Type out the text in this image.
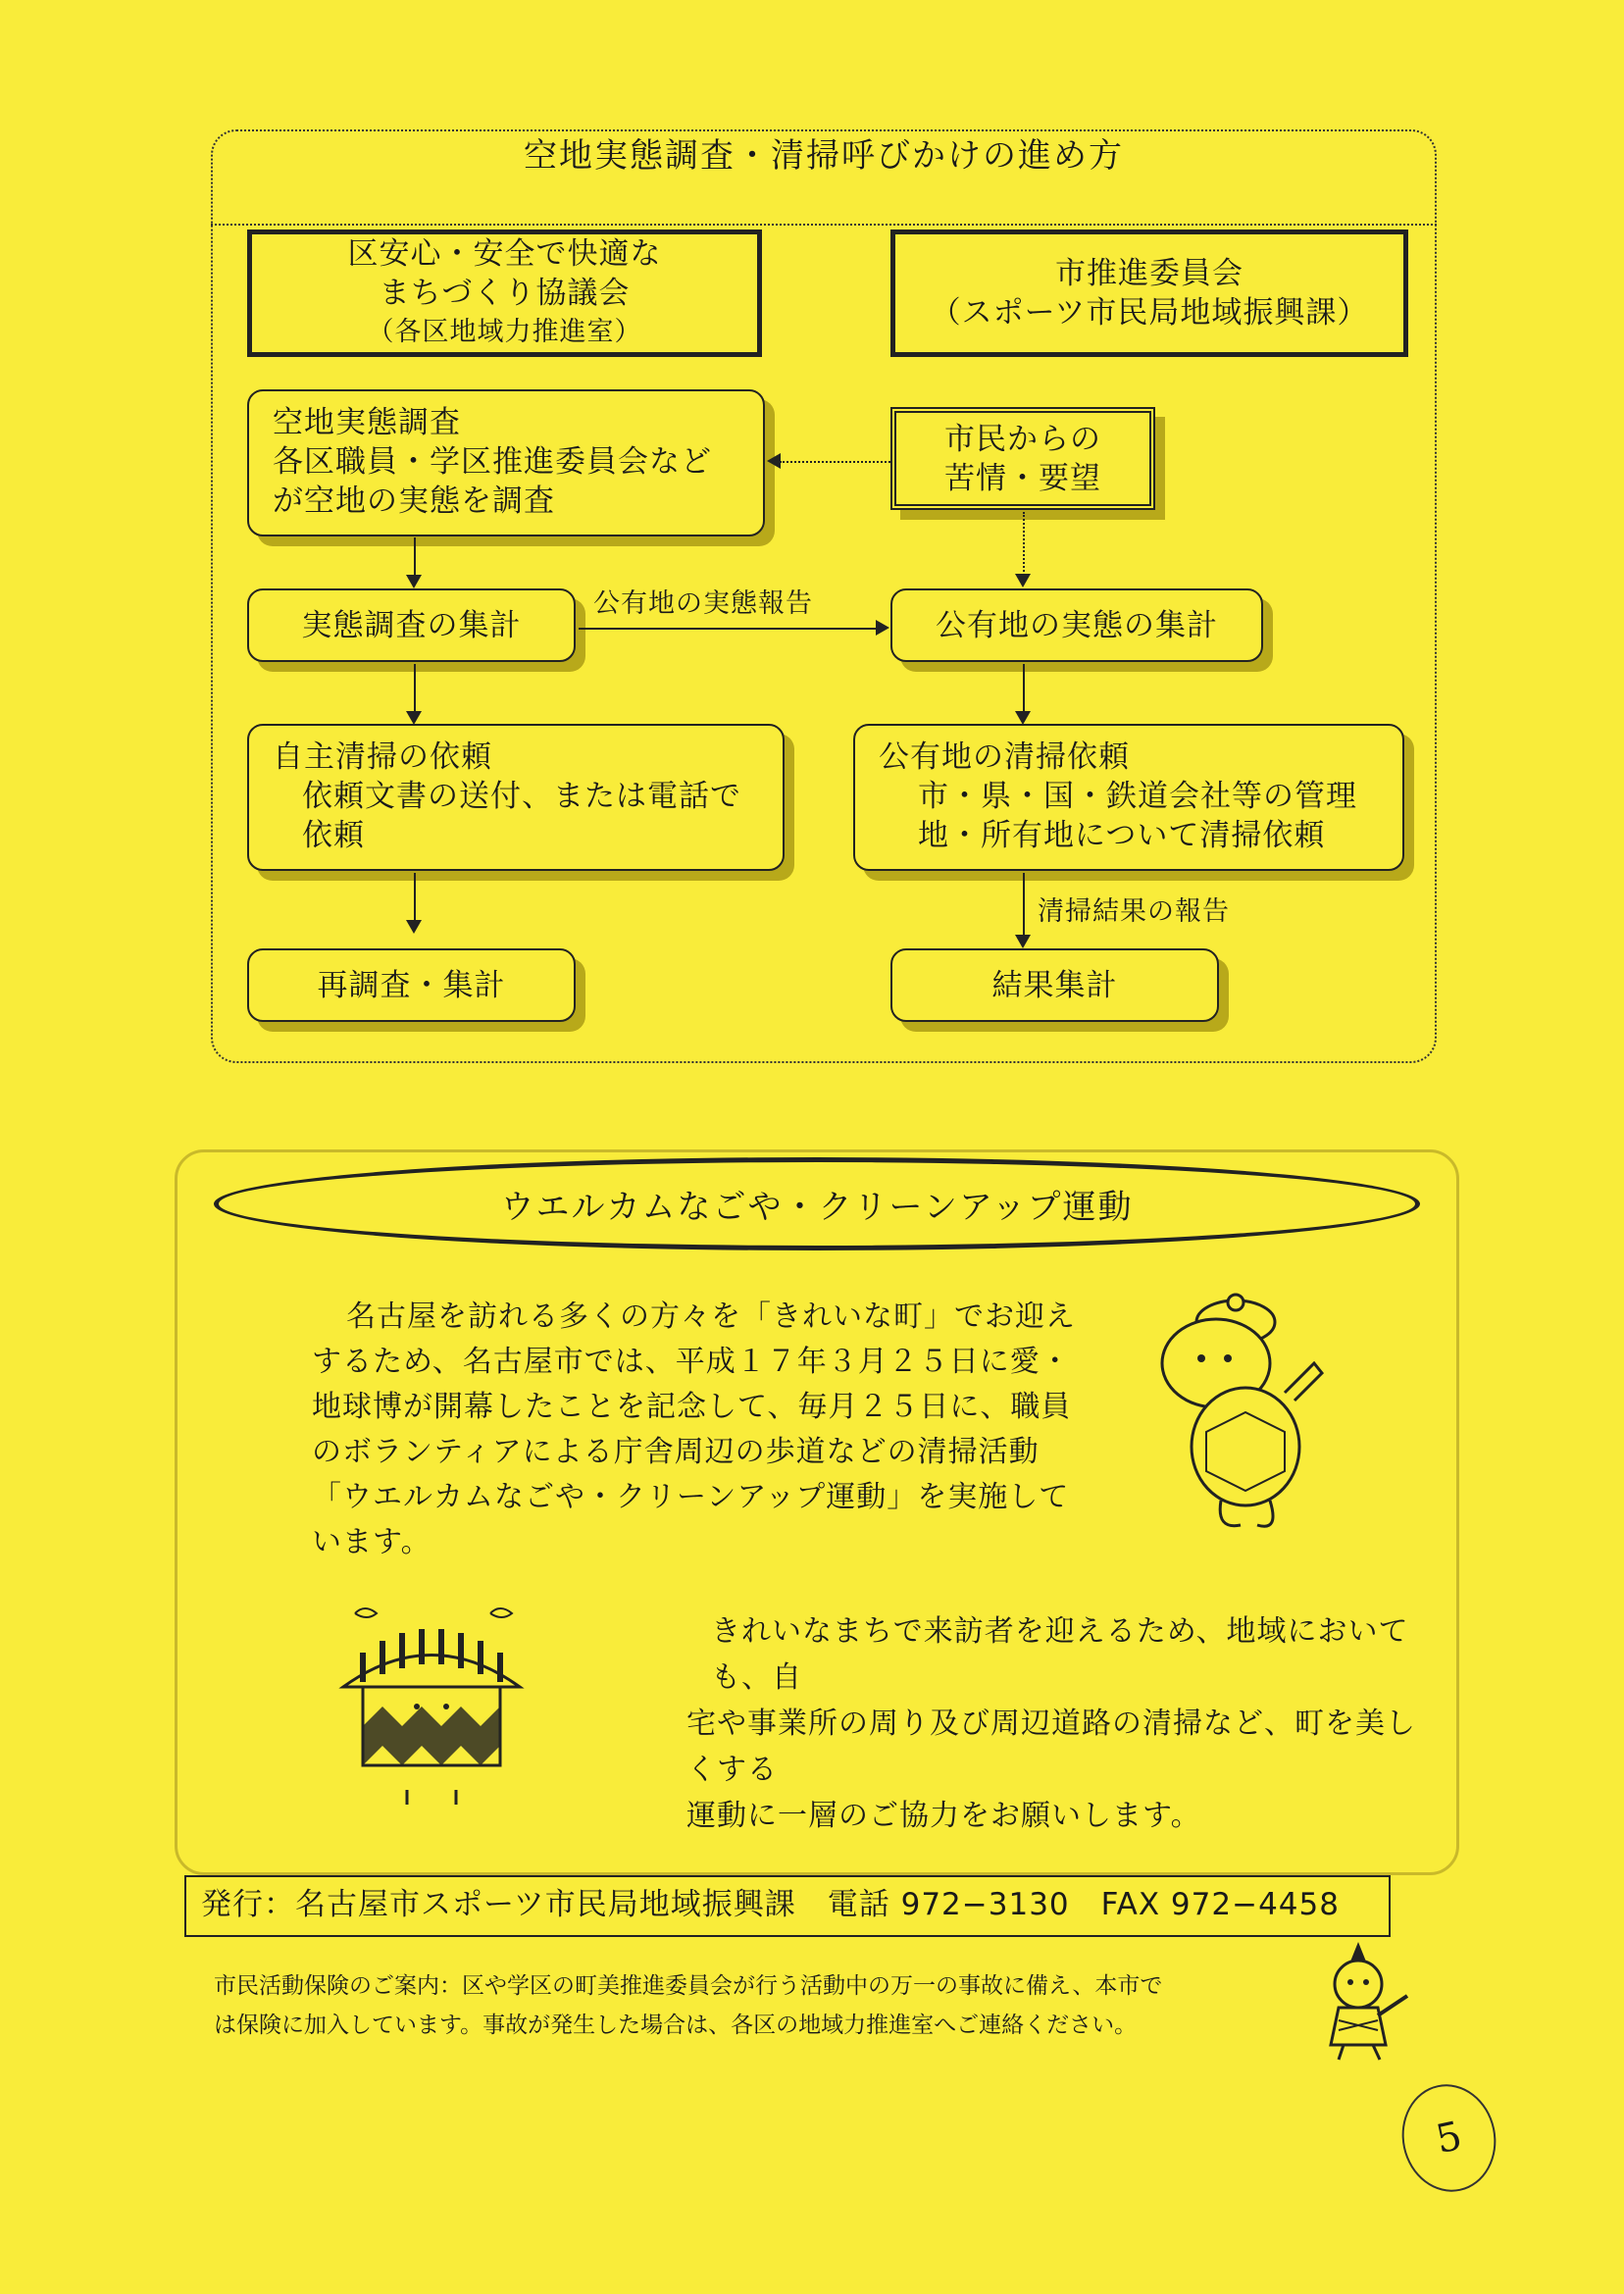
空地実態調査・清掃呼びかけの進め方
区安心・安全で快適な
まちづくり協議会
（各区地域力推進室）
市推進委員会
（スポーツ市民局地域振興課）
空地実態調査
各区職員・学区推進委員会など
が空地の実態を調査
市民からの
苦情・要望
実態調査の集計
公有地の実態報告
公有地の実態の集計
自主清掃の依頼
依頼文書の送付、または電話で
依頼
公有地の清掃依頼
市・県・国・鉄道会社等の管理
地・所有地について清掃依頼
清掃結果の報告
再調査・集計	結果集計
ウエルカムなごや・クリーンアップ運動
名古屋を訪れる多くの方々を「きれいな町」でお迎え
するため、名古屋市では、平成１７年３月２５日に愛・
地球博が開幕したことを記念して、毎月２５日に、職員
のボランティアによる庁舎周辺の歩道などの清掃活動
「ウエルカムなごや・クリーンアップ運動」を実施して
います。
きれいなまちで来訪者を迎えるため、地域においても、自
宅や事業所の周り及び周辺道路の清掃など、町を美しくする
運動に一層のご協力をお願いします。
発行：名古屋市スポーツ市民局地域振興課　電話 972−3130　FAX 972−4458
市民活動保険のご案内：区や学区の町美推進委員会が行う活動中の万一の事故に備え、本市で
は保険に加入しています。事故が発生した場合は、各区の地域力推進室へご連絡ください。
5
